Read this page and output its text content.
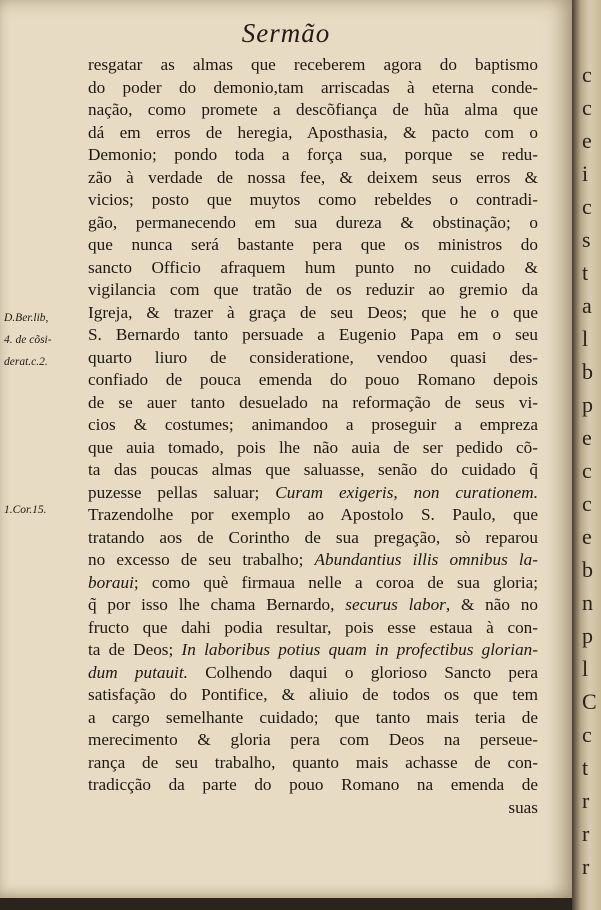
Sermão
D.Ber.lib,
4. de cõsi-
derat.c.2.
1.Cor.15.
resgatar as almas que receberem agora do baptismo
do poder do demonio,tam arriscadas à eterna conde-
nação, como promete a descõfiança de hũa alma que
dá em erros de heregia, Aposthasia, & pacto com o
Demonio; pondo toda a força sua, porque se redu-
zão à verdade de nossa fee, & deixem seus erros &
vicios; posto que muytos como rebeldes o contradi-
gão, permanecendo em sua dureza & obstinação; o
que nunca será bastante pera que os ministros do
sancto Officio afraquem hum punto no cuidado &
vigilancia com que tratão de os reduzir ao gremio da
Igreja, & trazer à graça de seu Deos; que he o que
S. Bernardo tanto persuade a Eugenio Papa em o seu
quarto liuro de consideratione, vendoo quasi des-
confiado de pouca emenda do pouo Romano depois
de se auer tanto desuelado na reformação de seus vi-
cios & costumes; animandoo a proseguir a empreza
que auia tomado, pois lhe não auia de ser pedido cõ-
ta das poucas almas que saluasse, senão do cuidado q̃
puzesse pellas saluar; Curam exigeris, non curationem.
Trazendolhe por exemplo ao Apostolo S. Paulo, que
tratando aos de Corintho de sua pregação, sò reparou
no excesso de seu trabalho; Abundantius illis omnibus la-
boraui; como què firmaua nelle a coroa de sua gloria;
q̃ por isso lhe chama Bernardo, securus labor, & não no
fructo que dahi podia resultar, pois esse estaua à con-
ta de Deos; In laboribus potius quam in profectibus glorian-
dum putauit. Colhendo daqui o glorioso Sancto pera
satisfação do Pontifice, & aliuio de todos os que tem
a cargo semelhante cuidado; que tanto mais teria de
merecimento & gloria pera com Deos na perseue-
rança de seu trabalho, quanto mais achasse de con-
tradicção da parte do pouo Romano na emenda de
suas
c
c
e
i
c
s
t
a
l
b
p
e
c
c
e
b
n
p
l
C
c
t
r
r
r
